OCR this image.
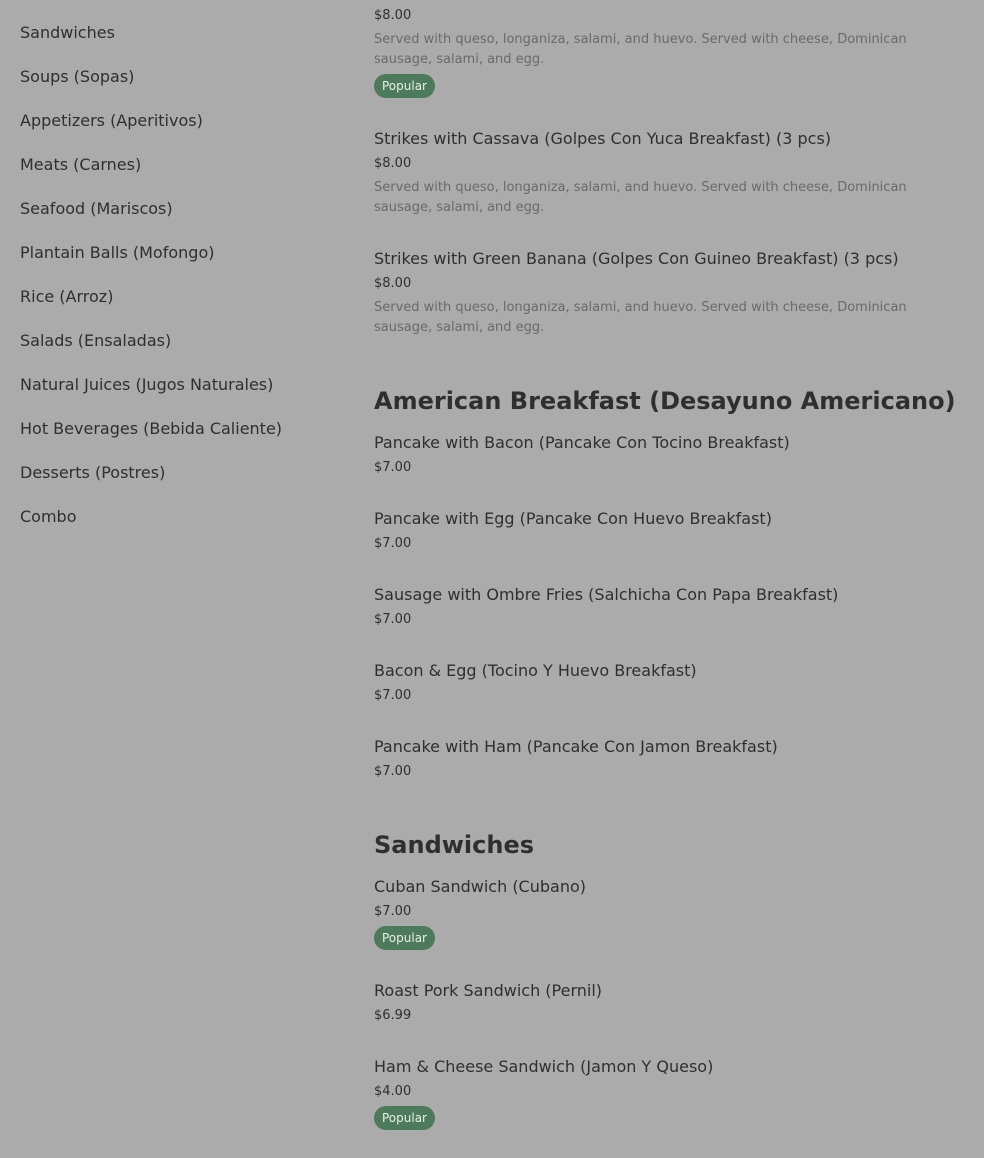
Sandwiches
Soups (Sopas)
Appetizers (Aperitivos)
Meats (Carnes)
Seafood (Mariscos)
Plantain Balls (Mofongo)
Rice (Arroz)
Salads (Ensaladas)
Natural Juices (Jugos Naturales)
Hot Beverages (Bebida Caliente)
Desserts (Postres)
Combo
$8.00
Served with queso, longaniza, salami, and huevo. Served with cheese, Dominican sausage, salami, and egg.
Popular
Strikes with Cassava (Golpes Con Yuca Breakfast) (3 pcs)
$8.00
Served with queso, longaniza, salami, and huevo. Served with cheese, Dominican sausage, salami, and egg.
Strikes with Green Banana (Golpes Con Guineo Breakfast) (3 pcs)
$8.00
Served with queso, longaniza, salami, and huevo. Served with cheese, Dominican sausage, salami, and egg.
American Breakfast (Desayuno Americano)
Pancake with Bacon (Pancake Con Tocino Breakfast)
$7.00
Pancake with Egg (Pancake Con Huevo Breakfast)
$7.00
Sausage with Ombre Fries (Salchicha Con Papa Breakfast)
$7.00
Bacon & Egg (Tocino Y Huevo Breakfast)
$7.00
Pancake with Ham (Pancake Con Jamon Breakfast)
$7.00
Sandwiches
Cuban Sandwich (Cubano)
$7.00
Popular
Roast Pork Sandwich (Pernil)
$6.99
Ham & Cheese Sandwich (Jamon Y Queso)
$4.00
Popular
